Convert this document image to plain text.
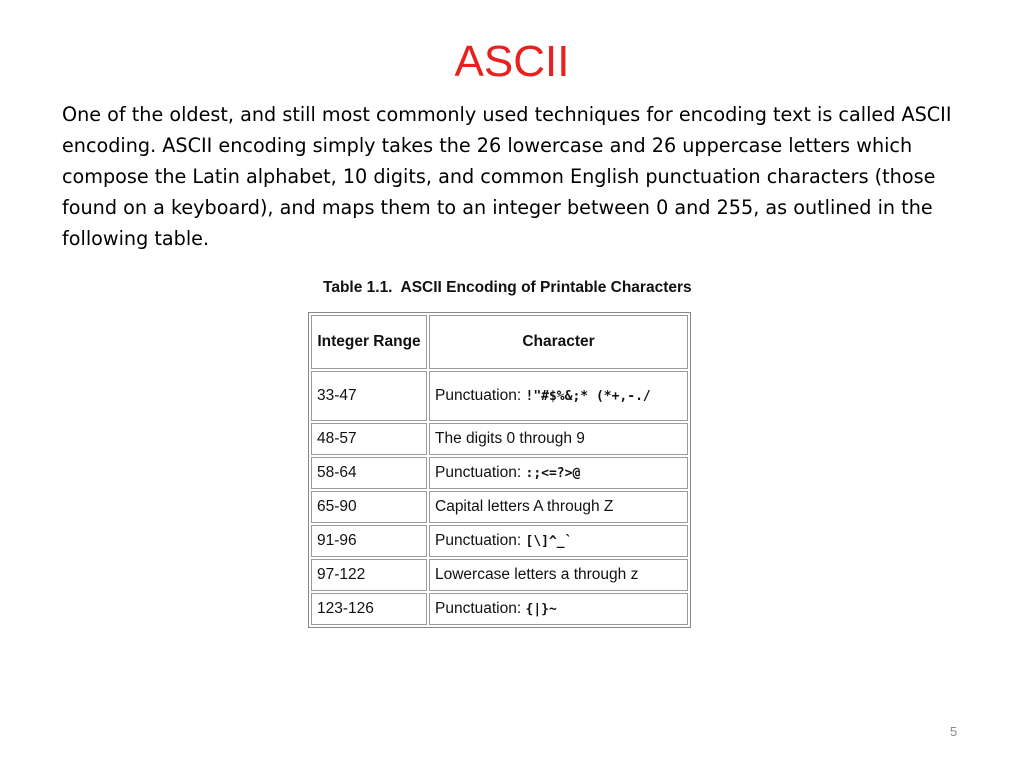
ASCII

One of the oldest, and still most commonly used techniques for encoding text is called ASCII encoding. ASCII encoding simply takes the 26 lowercase and 26 uppercase letters which compose the Latin alphabet, 10 digits, and common English punctuation characters (those found on a keyboard), and maps them to an integer between 0 and 255, as outlined in the following table.

Table 1.1.  ASCII Encoding of Printable Characters
Integer Range	Character
33-47	Punctuation: !"#$%&;* (*+,-./
48-57	The digits 0 through 9
58-64	Punctuation: :;<=?>@
65-90	Capital letters A through Z
91-96	Punctuation: [\]^_`
97-122	Lowercase letters a through z
123-126	Punctuation: {|}~
5
